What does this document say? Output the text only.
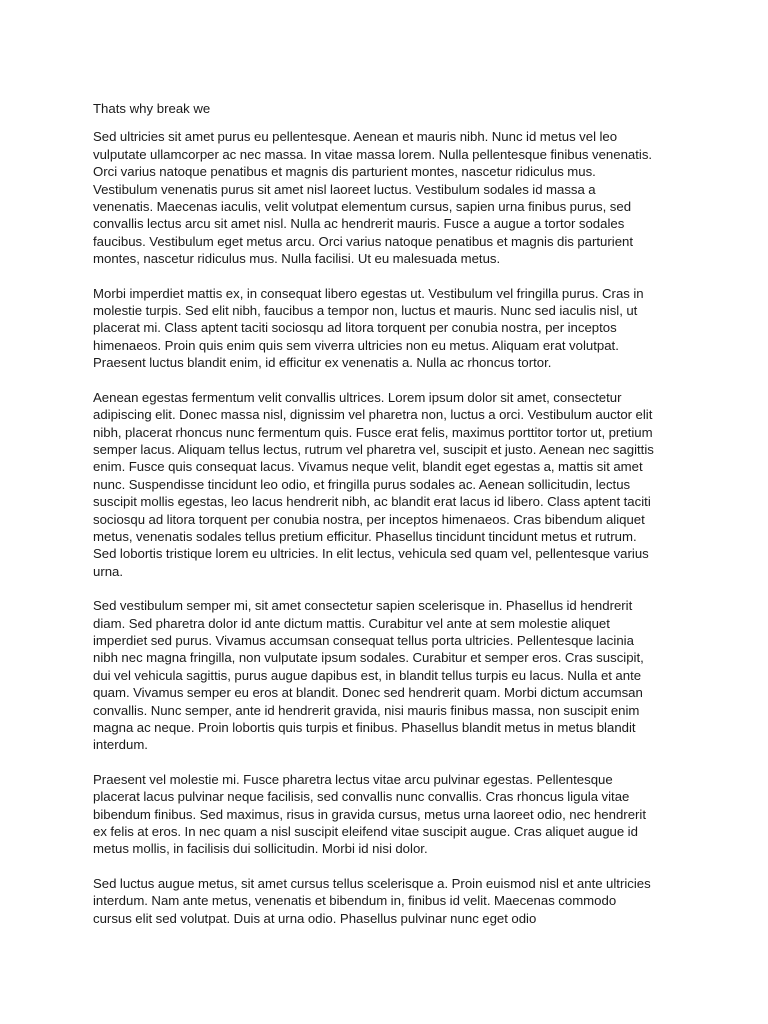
Thats why break we

Sed ultricies sit amet purus eu pellentesque. Aenean et mauris nibh. Nunc id metus vel leo vulputate ullamcorper ac nec massa. In vitae massa lorem. Nulla pellentesque finibus venenatis. Orci varius natoque penatibus et magnis dis parturient montes, nascetur ridiculus mus. Vestibulum venenatis purus sit amet nisl laoreet luctus. Vestibulum sodales id massa a venenatis. Maecenas iaculis, velit volutpat elementum cursus, sapien urna finibus purus, sed convallis lectus arcu sit amet nisl. Nulla ac hendrerit mauris. Fusce a augue a tortor sodales faucibus. Vestibulum eget metus arcu. Orci varius natoque penatibus et magnis dis parturient montes, nascetur ridiculus mus. Nulla facilisi. Ut eu malesuada metus.

Morbi imperdiet mattis ex, in consequat libero egestas ut. Vestibulum vel fringilla purus. Cras in molestie turpis. Sed elit nibh, faucibus a tempor non, luctus et mauris. Nunc sed iaculis nisl, ut placerat mi. Class aptent taciti sociosqu ad litora torquent per conubia nostra, per inceptos himenaeos. Proin quis enim quis sem viverra ultricies non eu metus. Aliquam erat volutpat. Praesent luctus blandit enim, id efficitur ex venenatis a. Nulla ac rhoncus tortor.

Aenean egestas fermentum velit convallis ultrices. Lorem ipsum dolor sit amet, consectetur adipiscing elit. Donec massa nisl, dignissim vel pharetra non, luctus a orci. Vestibulum auctor elit nibh, placerat rhoncus nunc fermentum quis. Fusce erat felis, maximus porttitor tortor ut, pretium semper lacus. Aliquam tellus lectus, rutrum vel pharetra vel, suscipit et justo. Aenean nec sagittis enim. Fusce quis consequat lacus. Vivamus neque velit, blandit eget egestas a, mattis sit amet nunc. Suspendisse tincidunt leo odio, et fringilla purus sodales ac. Aenean sollicitudin, lectus suscipit mollis egestas, leo lacus hendrerit nibh, ac blandit erat lacus id libero. Class aptent taciti sociosqu ad litora torquent per conubia nostra, per inceptos himenaeos. Cras bibendum aliquet metus, venenatis sodales tellus pretium efficitur. Phasellus tincidunt tincidunt metus et rutrum. Sed lobortis tristique lorem eu ultricies. In elit lectus, vehicula sed quam vel, pellentesque varius urna.

Sed vestibulum semper mi, sit amet consectetur sapien scelerisque in. Phasellus id hendrerit diam. Sed pharetra dolor id ante dictum mattis. Curabitur vel ante at sem molestie aliquet imperdiet sed purus. Vivamus accumsan consequat tellus porta ultricies. Pellentesque lacinia nibh nec magna fringilla, non vulputate ipsum sodales. Curabitur et semper eros. Cras suscipit, dui vel vehicula sagittis, purus augue dapibus est, in blandit tellus turpis eu lacus. Nulla et ante quam. Vivamus semper eu eros at blandit. Donec sed hendrerit quam. Morbi dictum accumsan convallis. Nunc semper, ante id hendrerit gravida, nisi mauris finibus massa, non suscipit enim magna ac neque. Proin lobortis quis turpis et finibus. Phasellus blandit metus in metus blandit interdum.

Praesent vel molestie mi. Fusce pharetra lectus vitae arcu pulvinar egestas. Pellentesque placerat lacus pulvinar neque facilisis, sed convallis nunc convallis. Cras rhoncus ligula vitae bibendum finibus. Sed maximus, risus in gravida cursus, metus urna laoreet odio, nec hendrerit ex felis at eros. In nec quam a nisl suscipit eleifend vitae suscipit augue. Cras aliquet augue id metus mollis, in facilisis dui sollicitudin. Morbi id nisi dolor.

Sed luctus augue metus, sit amet cursus tellus scelerisque a. Proin euismod nisl et ante ultricies interdum. Nam ante metus, venenatis et bibendum in, finibus id velit. Maecenas commodo cursus elit sed volutpat. Duis at urna odio. Phasellus pulvinar nunc eget odio
